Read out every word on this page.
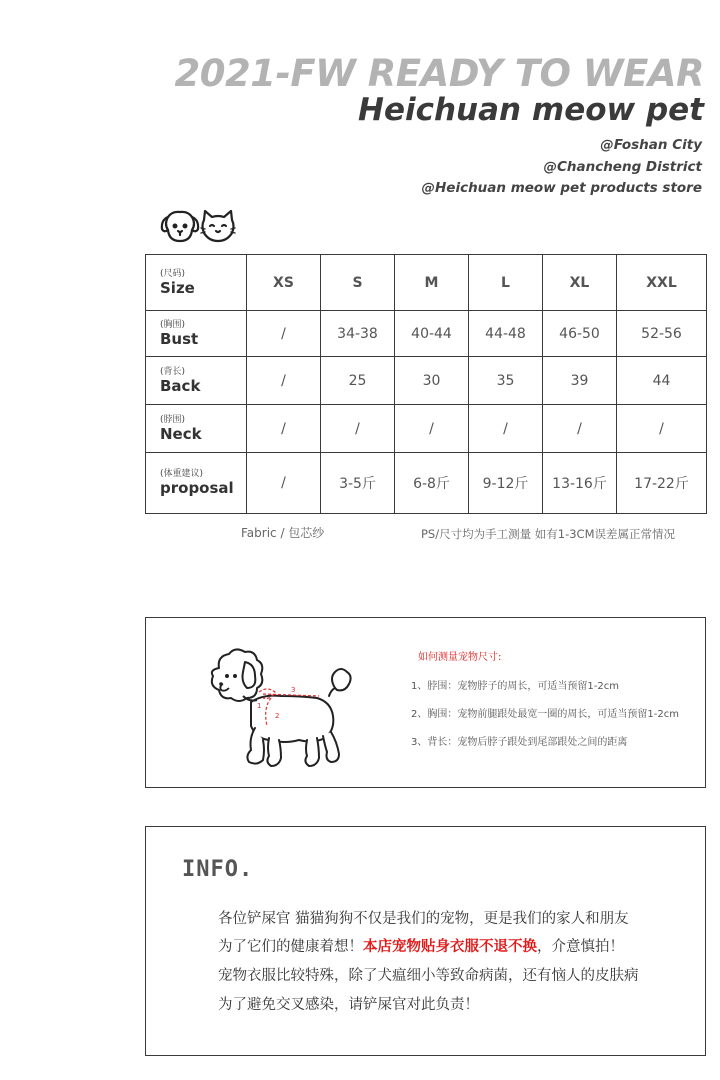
2021-FW READY TO WEAR
Heichuan meow pet
@Foshan City
@Chancheng District
@Heichuan meow pet products store
(尺码)
Size	XS	S	M	L	XL	XXL

(胸围)
Bust	/	34-38	40-44	44-48	46-50	52-56

(背长)
Back	/	25	30	35	39	44

(脖围)
Neck	/	/	/	/	/	/

(体重建议)
proposal	/	3-5斤	6-8斤	9-12斤	13-16斤	17-22斤
Fabric / 包芯纱	PS/尺寸均为手工测量 如有1-3CM误差属正常情况
1
2
3
如何测量宠物尺寸:
1、脖围：宠物脖子的周长，可适当预留1-2cm
2、胸围：宠物前腿跟处最宽一圈的周长，可适当预留1-2cm
3、背长：宠物后脖子跟处到尾部跟处之间的距离
INFO.
各位铲屎官 猫猫狗狗不仅是我们的宠物，更是我们的家人和朋友
为了它们的健康着想！本店宠物贴身衣服不退不换，介意慎拍！
宠物衣服比较特殊，除了犬瘟细小等致命病菌，还有恼人的皮肤病
为了避免交叉感染，请铲屎官对此负责！
